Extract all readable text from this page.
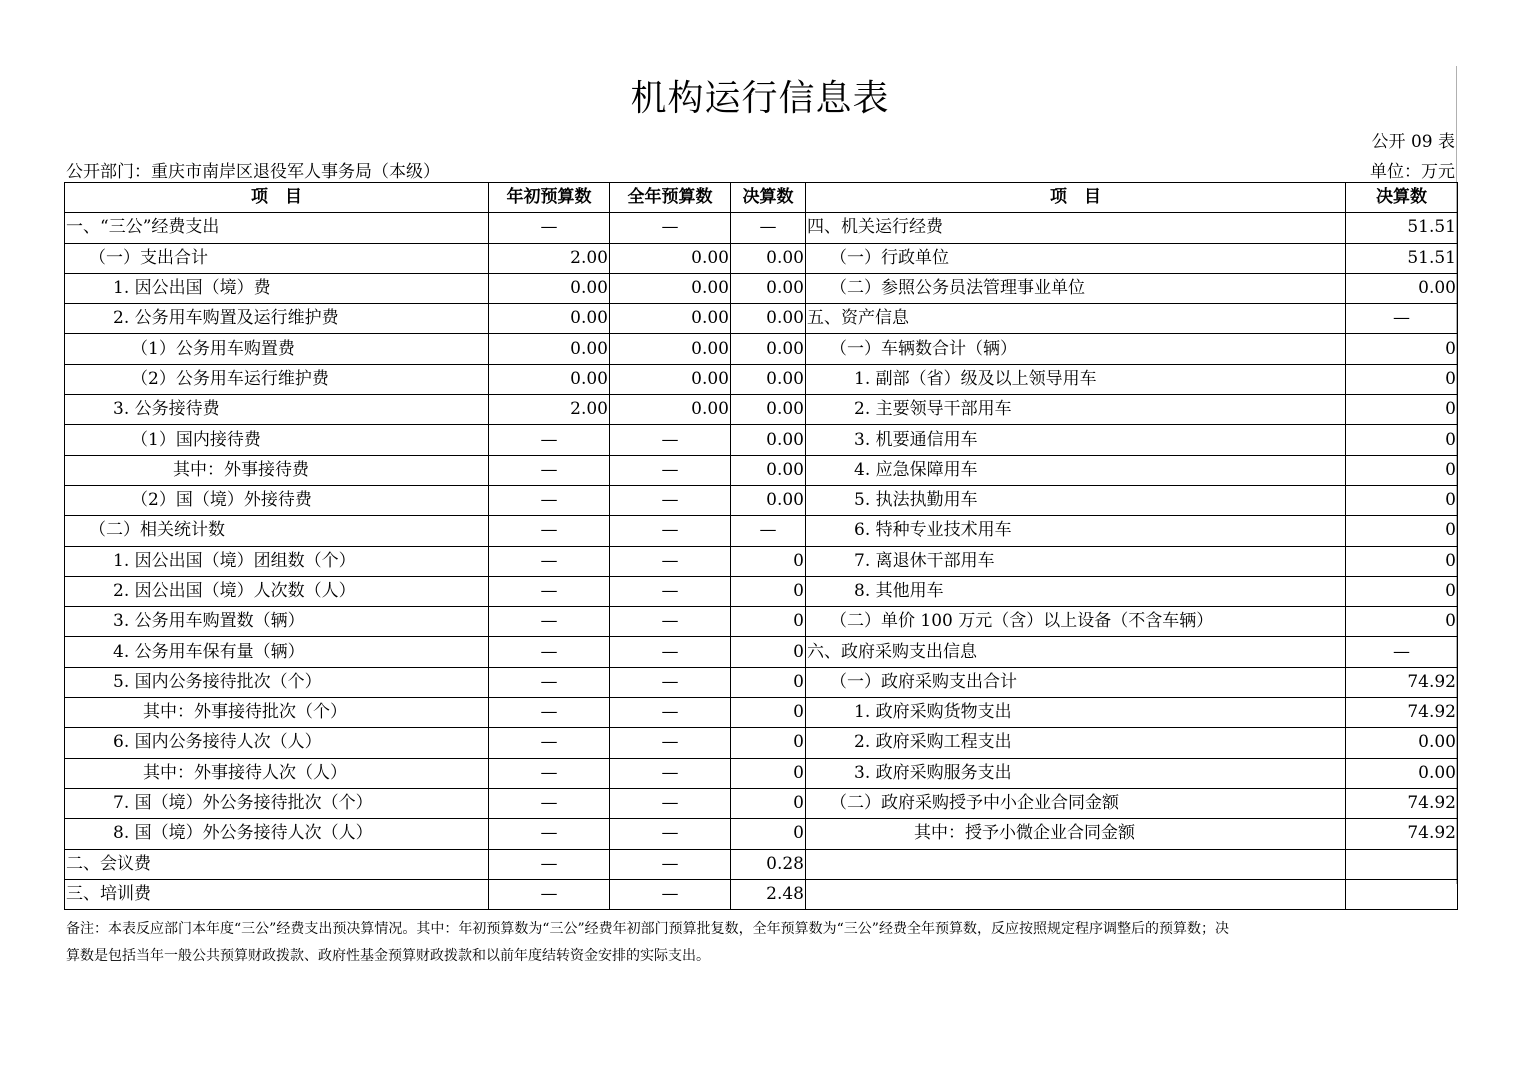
机构运行信息表
公开 09 表
公开部门：重庆市南岸区退役军人事务局（本级）	单位：万元
项　目	年初预算数	全年预算数	决算数	项　目	决算数
一、“三公”经费支出	—	—	—	四、机关运行经费	51.51
（一）支出合计	2.00	0.00	0.00	（一）行政单位	51.51
1. 因公出国（境）费	0.00	0.00	0.00	（二）参照公务员法管理事业单位	0.00
2. 公务用车购置及运行维护费	0.00	0.00	0.00	五、资产信息	—
（1）公务用车购置费	0.00	0.00	0.00	（一）车辆数合计（辆）	0
（2）公务用车运行维护费	0.00	0.00	0.00	1. 副部（省）级及以上领导用车	0
3. 公务接待费	2.00	0.00	0.00	2. 主要领导干部用车	0
（1）国内接待费	—	—	0.00	3. 机要通信用车	0
其中：外事接待费	—	—	0.00	4. 应急保障用车	0
（2）国（境）外接待费	—	—	0.00	5. 执法执勤用车	0
（二）相关统计数	—	—	—	6. 特种专业技术用车	0
1. 因公出国（境）团组数（个）	—	—	0	7. 离退休干部用车	0
2. 因公出国（境）人次数（人）	—	—	0	8. 其他用车	0
3. 公务用车购置数（辆）	—	—	0	（二）单价 100 万元（含）以上设备（不含车辆）	0
4. 公务用车保有量（辆）	—	—	0	六、政府采购支出信息	—
5. 国内公务接待批次（个）	—	—	0	（一）政府采购支出合计	74.92
其中：外事接待批次（个）	—	—	0	1. 政府采购货物支出	74.92
6. 国内公务接待人次（人）	—	—	0	2. 政府采购工程支出	0.00
其中：外事接待人次（人）	—	—	0	3. 政府采购服务支出	0.00
7. 国（境）外公务接待批次（个）	—	—	0	（二）政府采购授予中小企业合同金额	74.92
8. 国（境）外公务接待人次（人）	—	—	0	其中：授予小微企业合同金额	74.92
二、会议费	—	—	0.28		
三、培训费	—	—	2.48		
备注：本表反应部门本年度“三公”经费支出预决算情况。其中：年初预算数为“三公”经费年初部门预算批复数，全年预算数为“三公”经费全年预算数，反应按照规定程序调整后的预算数；决
算数是包括当年一般公共预算财政拨款、政府性基金预算财政拨款和以前年度结转资金安排的实际支出。
